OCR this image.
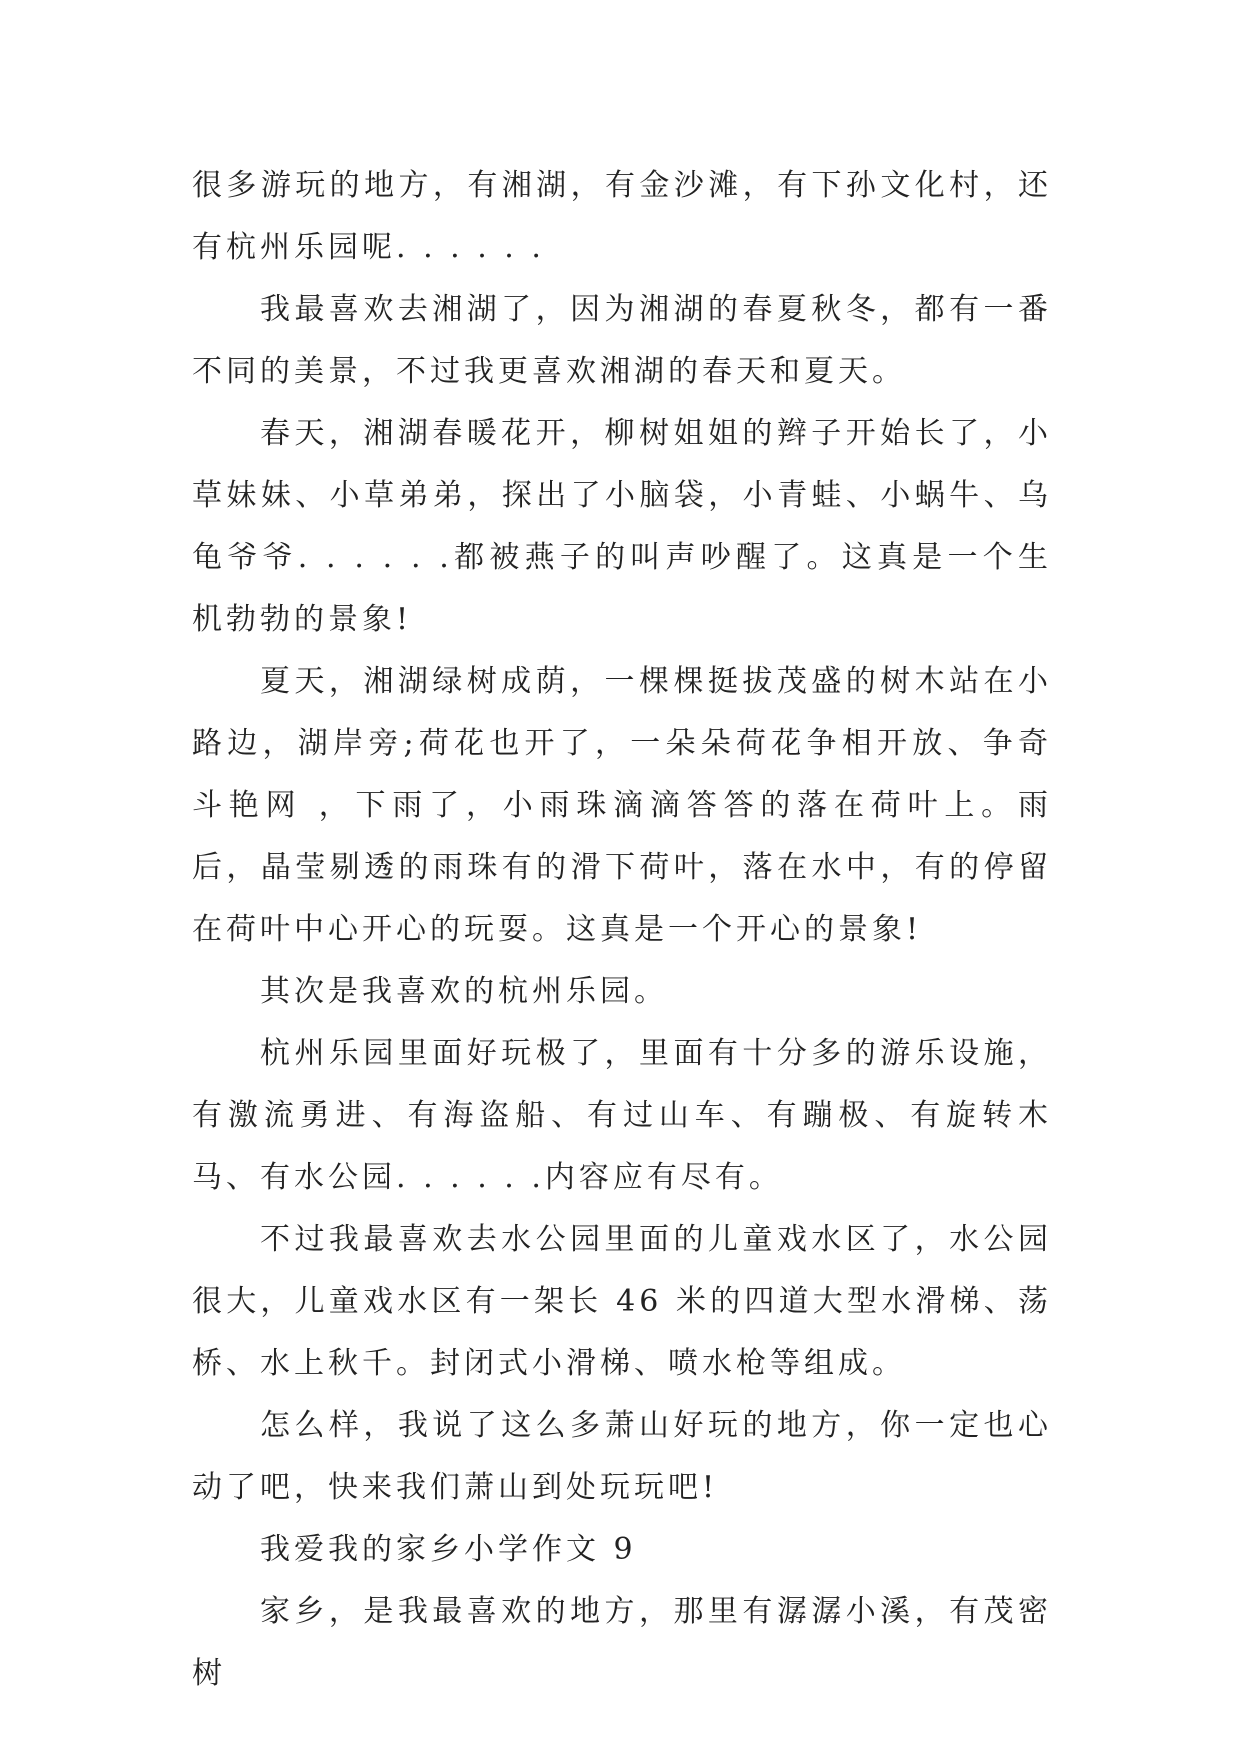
很多游玩的地方，有湘湖，有金沙滩，有下孙文化村，还有杭州乐园呢. . . . . .

我最喜欢去湘湖了，因为湘湖的春夏秋冬，都有一番不同的美景，不过我更喜欢湘湖的春天和夏天。

春天，湘湖春暖花开，柳树姐姐的辫子开始长了，小草妹妹、小草弟弟，探出了小脑袋，小青蛙、小蜗牛、乌龟爷爷. . . . . .都被燕子的叫声吵醒了。这真是一个生机勃勃的景象!

夏天，湘湖绿树成荫，一棵棵挺拔茂盛的树木站在小路边，湖岸旁;荷花也开了，一朵朵荷花争相开放、争奇斗艳网 ，下雨了，小雨珠滴滴答答的落在荷叶上。雨后，晶莹剔透的雨珠有的滑下荷叶，落在水中，有的停留在荷叶中心开心的玩耍。这真是一个开心的景象!

其次是我喜欢的杭州乐园。

杭州乐园里面好玩极了，里面有十分多的游乐设施，有激流勇进、有海盗船、有过山车、有蹦极、有旋转木马、有水公园. . . . . .内容应有尽有。

不过我最喜欢去水公园里面的儿童戏水区了，水公园很大，儿童戏水区有一架长 46 米的四道大型水滑梯、荡桥、水上秋千。封闭式小滑梯、喷水枪等组成。

怎么样，我说了这么多萧山好玩的地方，你一定也心动了吧，快来我们萧山到处玩玩吧!

我爱我的家乡小学作文 9

家乡，是我最喜欢的地方，那里有潺潺小溪，有茂密树
